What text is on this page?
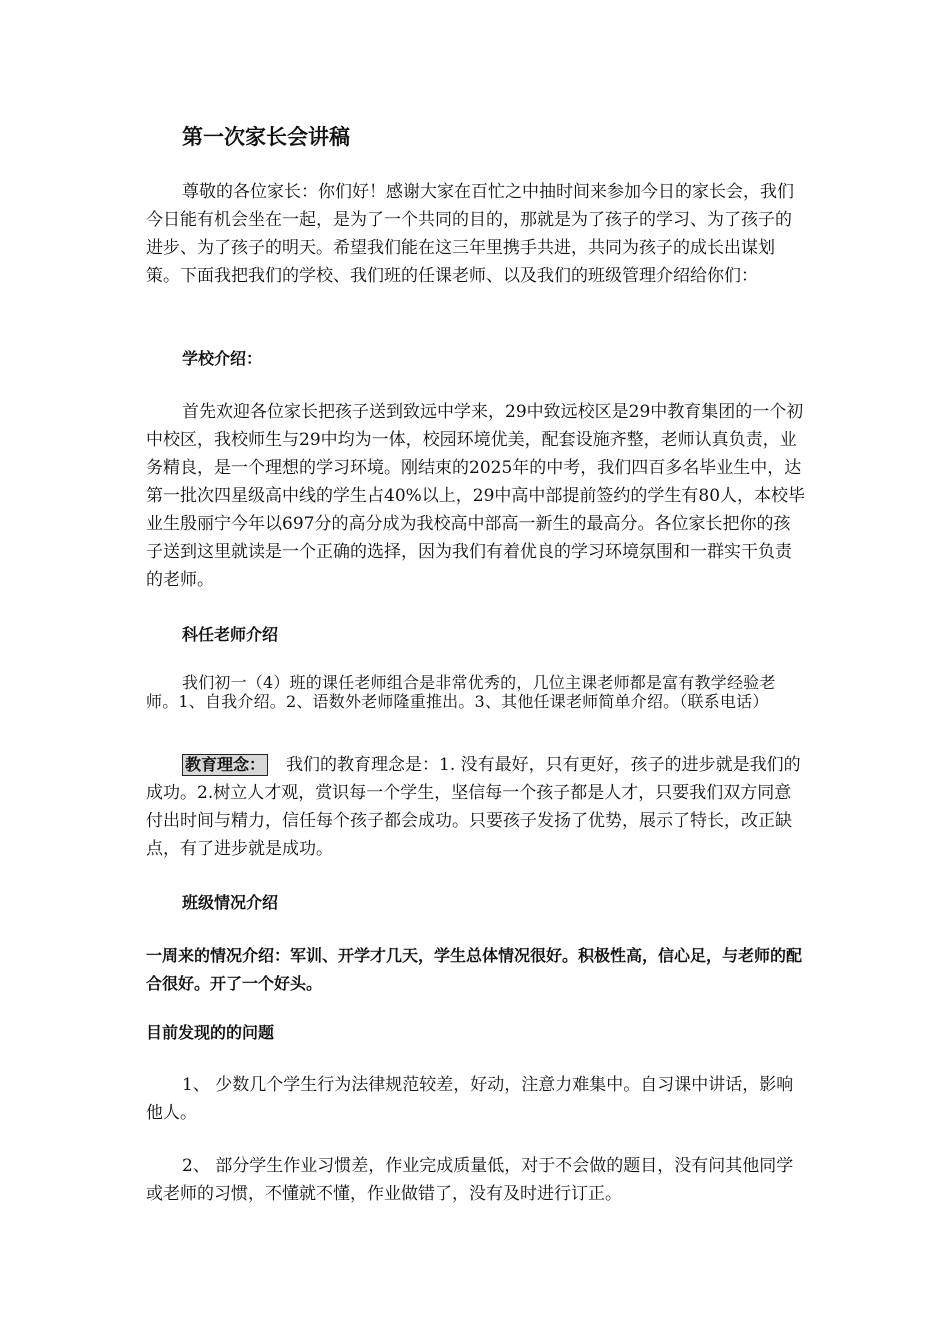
第一次家长会讲稿

尊敬的各位家长：你们好！感谢大家在百忙之中抽时间来参加今日的家长会，我们今日能有机会坐在一起，是为了一个共同的目的，那就是为了孩子的学习、为了孩子的进步、为了孩子的明天。希望我们能在这三年里携手共进，共同为孩子的成长出谋划策。下面我把我们的学校、我们班的任课老师、以及我们的班级管理介绍给你们：

学校介绍：

首先欢迎各位家长把孩子送到致远中学来，29中致远校区是29中教育集团的一个初中校区，我校师生与29中均为一体，校园环境优美，配套设施齐整，老师认真负责，业务精良，是一个理想的学习环境。刚结束的2025年的中考，我们四百多名毕业生中，达第一批次四星级高中线的学生占40%以上，29中高中部提前签约的学生有80人，本校毕业生殷丽宁今年以697分的高分成为我校高中部高一新生的最高分。各位家长把你的孩子送到这里就读是一个正确的选择，因为我们有着优良的学习环境氛围和一群实干负责的老师。

科任老师介绍

我们初一（4）班的课任老师组合是非常优秀的，几位主课老师都是富有教学经验老师。1、自我介绍。2、语数外老师隆重推出。3、其他任课老师简单介绍。（联系电话）

教育理念： 我们的教育理念是：1. 没有最好，只有更好，孩子的进步就是我们的成功。2.树立人才观，赏识每一个学生，坚信每一个孩子都是人才，只要我们双方同意付出时间与精力，信任每个孩子都会成功。只要孩子发扬了优势，展示了特长，改正缺点，有了进步就是成功。

班级情况介绍

一周来的情况介绍：军训、开学才几天，学生总体情况很好。积极性高，信心足，与老师的配合很好。开了一个好头。

目前发现的的问题

1、 少数几个学生行为法律规范较差，好动，注意力难集中。自习课中讲话，影响他人。

2、 部分学生作业习惯差，作业完成质量低，对于不会做的题目，没有问其他同学或老师的习惯，不懂就不懂，作业做错了，没有及时进行订正。
